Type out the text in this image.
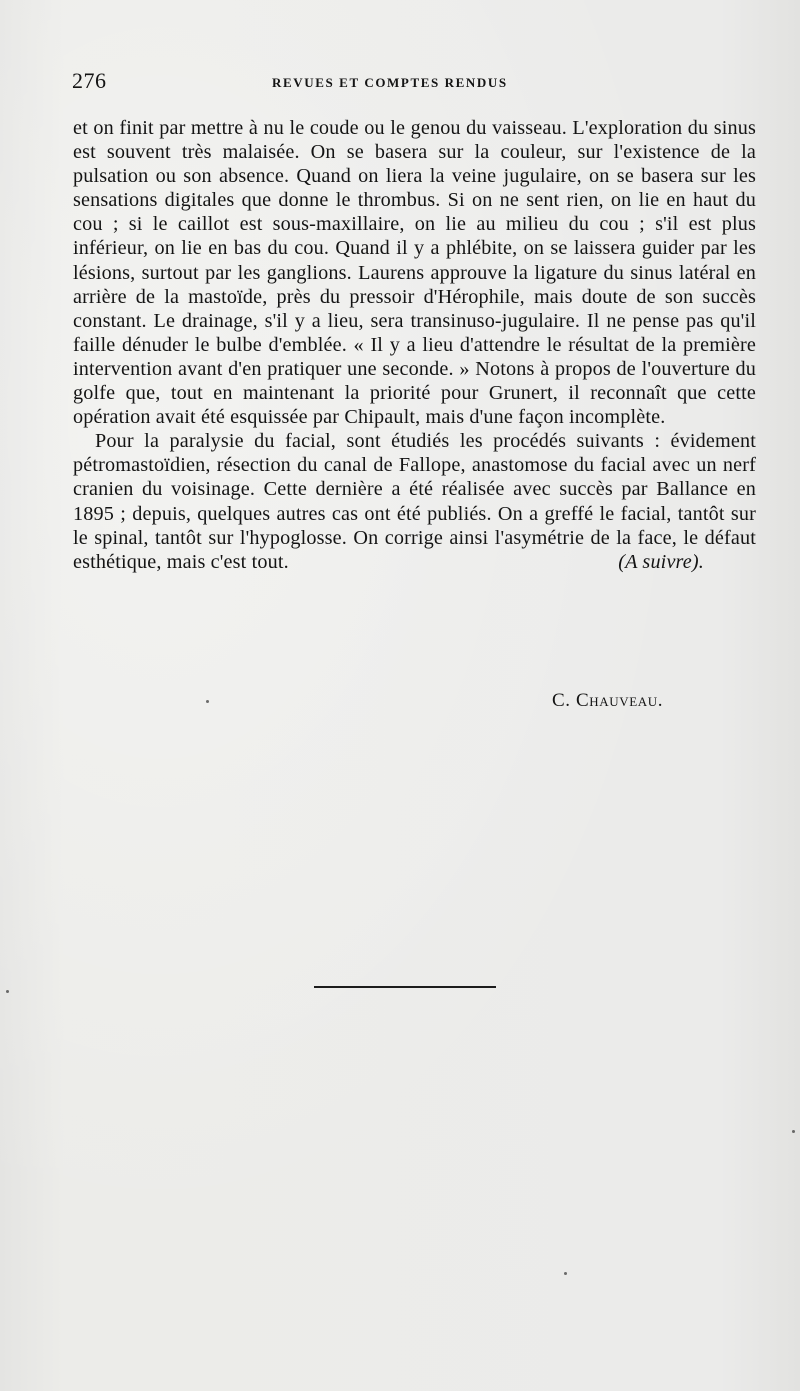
276	REVUES ET COMPTES RENDUS

et on finit par mettre à nu le coude ou le genou du vaisseau. L'exploration du sinus est souvent très malaisée. On se basera sur la couleur, sur l'existence de la pulsation ou son absence. Quand on liera la veine jugulaire, on se basera sur les sensations digitales que donne le thrombus. Si on ne sent rien, on lie en haut du cou ; si le caillot est sous-maxillaire, on lie au milieu du cou ; s'il est plus inférieur, on lie en bas du cou. Quand il y a phlébite, on se laissera guider par les lésions, surtout par les ganglions. Laurens approuve la ligature du sinus latéral en arrière de la mastoïde, près du pressoir d'Hérophile, mais doute de son succès constant. Le drainage, s'il y a lieu, sera transinuso-jugulaire. Il ne pense pas qu'il faille dénuder le bulbe d'emblée. « Il y a lieu d'attendre le résultat de la première intervention avant d'en pratiquer une seconde. » Notons à propos de l'ouverture du golfe que, tout en maintenant la priorité pour Grunert, il reconnaît que cette opération avait été esquissée par Chipault, mais d'une façon incomplète.

Pour la paralysie du facial, sont étudiés les procédés suivants : évidement pétromastoïdien, résection du canal de Fallope, anastomose du facial avec un nerf cranien du voisinage. Cette dernière a été réalisée avec succès par Ballance en 1895 ; depuis, quelques autres cas ont été publiés. On a greffé le facial, tantôt sur le spinal, tantôt sur l'hypoglosse. On corrige ainsi l'asymétrie de la face, le défaut esthétique, mais c'est tout.	(A suivre).

C. Chauveau.
